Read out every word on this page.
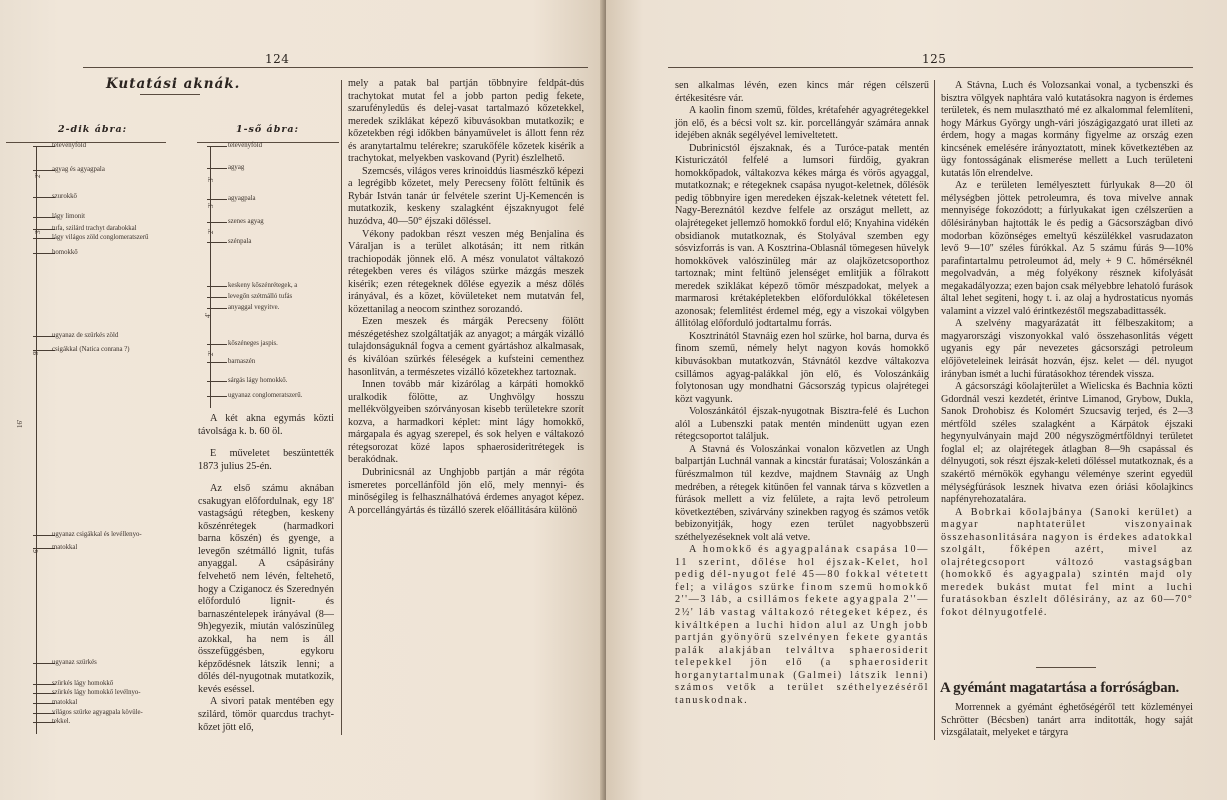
124
Kutatási aknák.
2-dik ábra:
televényföld
agyag és agyagpala
szurokkő
lágy limonit
tufa, szilárd trachyt darabokkal
lágy világos zöld conglomeratszerű
homokkő
ugyanaz de szürkés zöld
csigákkal (Natica conrana ?)
ugyanaz csigákkal és levéllenyo-
matokkal
ugyanaz szürkés
szürkés lágy homokkő
szürkés lágy homokkő levélnyo-
matokkal
világos szürke agyagpala kövüle-
tekkel.
2'
3'
9'
6'
16'
1-ső ábra:
televényföld
agyag
agyagpala
szenes agyag
szénpala
keskeny kőszénrétegek, a
levegőn szétmálló tufás
anyaggal vegyitve.
kőszéneges jaspis.
barnaszén
sárgás lágy homokkő.
ugyanaz conglomeratszerű.
3'
3'
2'
4'
2'

A két akna egymás közti távolsága k. b. 60 öl.

E műveletet beszüntették 1873 julius 25-én.

Az első számu aknában csakugyan előfordulnak, egy 18' vastagságú rétegben, keskeny kőszénrétegek (harmadkori barna kőszén) és gyenge, a levegőn szétmálló lignit, tufás anyaggal. A csápásirány felvehető nem lévén, feltehető, hogy a Cziganocz és Szerednyén előforduló lignit- és barnaszéntelepek irányával (8—9h)egyezik, miután valószinüleg azokkal, ha nem is áll összefüggésben, egykoru képződésnek látszik lenni; a dőlés dél-nyugotnak mutatkozik, kevés eséssel.

A sivori patak mentében egy szilárd, tömör quarcdus trachyt-kőzet jött elő,

mely a patak bal partján többnyire feldpát-dús trachytokat mutat fel a jobb parton pedig fekete, szarufényledűs és delej-vasat tartalmazó kőzetekkel, meredek sziklákat képező kibuvásokban mutatkozik; e kőzetekben régi időkben bányaművelet is állott fenn réz és aranytartalmu telérekre; szarukőféle kőzetek kisérik a trachytokat, melyekben vaskovand (Pyrit) észlelhető.

Szemcsés, világos veres krinoiddús liasmészkő képezi a legrégibb kőzetet, mely Perecseny fölött feltűnik és Rybár István tanár úr felvétele szerint Uj-Kemencén is mutatkozik, keskeny szalagként éjszaknyugot felé huzódva, 40—50° éjszaki dőléssel.

Vékony padokban részt veszen még Benjalina és Váraljan is a terület alkotásán; itt nem ritkán trachiopodák jönnek elő. A mész vonulatot váltakozó rétegekben veres és világos szürke mázgás meszek kisérik; ezen rétegeknek dőlése egyezik a mész dőlés irányával, és a közet, kövületeket nem mutatván fel, közettanilag a neocom szinthez sorozandó.

Ezen meszek és márgák Perecseny fölött mészégetéshez szolgáltatják az anyagot; a márgák vizálló tulajdonságuknál fogva a cement gyártáshoz alkalmasak, és kiválóan szürkés féleségek a kufsteini cementhez hasonlitván, a természetes vizálló közetekhez tartoznak.

Innen tovább már kizárólag a kárpáti homokkő uralkodik fölötte, az Unghvölgy hosszu mellékvölgyeiben szórványosan kisebb területekre szorít kozva, a harmadkori képlet: mint lágy homokkő, márgapala és agyag szerepel, és sok helyen e váltakozó rétegsorozat közé lapos sphaerosideritrétegek is berakódnak.

Dubrinicsnál az Unghjobb partján a már régóta ismeretes porcellánföld jön elő, mely mennyi- és minőségileg is felhasználhatóvá érdemes anyagot képez. A porcellángyártás és tüzálló szerek előállitására különö

125

sen alkalmas lévén, ezen kincs már régen célszerű értékesitésre vár.

A kaolin finom szemű, földes, krétafehér agyagrétegekkel jön elő, és a bécsi volt sz. kir. porcellángyár számára annak idejében aknák segélyével lemiveltetett.

Dubrinicstól éjszaknak, és a Turóce-patak mentén Kisturiczától felfelé a lumsori fürdőig, gyakran homokkőpadok, váltakozva kékes márga és vörös agyaggal, mutatkoznak; e rétegeknek csapása nyugot-keletnek, dőlésök pedig többnyire igen meredeken éjszak-keletnek vétetett fel. Nagy-Bereznától kezdve felfele az országut mellett, az olajrétegeket jellemző homokkő fordul elő; Knyahina vidékén obsidianok mutatkoznak, és Stolyával szemben egy sósvizforrás is van. A Kosztrina-Oblasnál tömegesen hüvelyk homokkövek valószinüleg már az olajközetcsoporthoz tartoznak; mint feltünő jelenséget emlitjük a főlrakott meredek sziklákat képező tömör mészpadokat, melyek a marmarosi krétaképletekben előfordulókkal tökéletesen azonosak; felemlitést érdemel még, egy a viszokai völgyben állitólag előforduló jodtartalmu forrás.

Kosztrinától Stavnáig ezen hol szürke, hol barna, durva és finom szemű, némely helyt nagyon kovás homokkő kibuvásokban mutatkozván, Stávnától kezdve váltakozva csillámos agyag-palákkal jön elő, és Voloszánkáig folytonosan ugy mondhatni Gácsország typicus olajrétegei közt vagyunk.

Voloszánkától éjszak-nyugotnak Bisztra-felé és Luchon alól a Lubenszki patak mentén mindenütt ugyan ezen rétegcsoportot találjuk.

A Stavná és Voloszánkai vonalon közvetlen az Ungh balpartján Luchnál vannak a kincstár furatásai; Voloszánkán a fürészmalmon túl kezdve, majdnem Stavnáig az Ungh medrében, a rétegek kitünően fel vannak tárva s közvetlen a fúrások mellett a viz felülete, a rajta levő petroleum következtében, szivárvány szinekben ragyog és számos vetők bebizonyitják, hogy ezen terület nagyobbszerü széthelyezéseknek volt alá vetve.

A homokkő és agyagpalának csapása 10—11 szerint, dőlése hol éjszak-Kelet, hol pedig dél-nyugot felé 45—80 fokkal vétetett fel; a világos szürke finom szemü homokkő 2''—3 láb, a csillámos fekete agyagpala 2''—2½' láb vastag váltakozó rétegeket képez, és kiváltképen a luchi hidon alul az Ungh jobb partján gyönyörü szelvényen fekete gyantás palák alakjában telváltva sphaerosiderit telepekkel jön elő (a sphaerosiderit horganytartalmunak (Galmei) látszik lenni) számos vetők a terület széthelyezéséről tanuskodnak.

A Stávna, Luch és Volozsankai vonal, a tycbenszki és bisztra völgyek naphtára való kutatásokra nagyon is érdemes területek, és nem mulasztható mé ez alkalommal felemlíteni, hogy Márkus György ungh-vári jószágigazgató urat illeti az érdem, hogy a magas kormány figyelme az ország ezen kincsének emelésére irányoztatott, minek következtében az ügy fontosságának elismerése mellett a Luch területeni kutatás lőn elrendelve.

Az e területen lemélyesztett fúrlyukak 8—20 öl mélységben jöttek petroleumra, és tova mivelve annak mennyisége fokozódott; a fúrlyukakat igen czélszerűen a dőlésirányban hajtották le és pedig a Gácsországban divó modorban közönséges emeltyű készülékkel vasrudazaton levő 9—10'' széles fúrókkal. Az 5 számu fúrás 9—10% parafintartalmu petroleumot ád, mely + 9 C. hőmérséknél megolvadván, a még folyékony résznek kifolyását megakadályozza; ezen bajon csak mélyebbre lehatoló furások által lehet segiteni, hogy t. i. az olaj a hydrostaticus nyomás valamint a vizzel való érintkezéstől megszabadittassék.

A szelvény magyarázatát itt félbeszakitom; a magyarországi viszonyokkal való összehasonlitás végett ugyanis egy pár nevezetes gácsországi petroleum előjöveteleinek leirását hozván, éjsz. kelet — dél. nyugot irányban ismét a luchi fúratásokhoz térendek vissza.

A gácsországi kőolajterület a Wielicska és Bachnia közti Gdordnál veszi kezdetét, érintve Limanod, Grybow, Dukla, Sanok Drohobisz és Kolomért Szucsavig terjed, és 2—3 mértföld széles szalagként a Kárpátok éjszaki hegynyulványain majd 200 négyszögmértföldnyi területet foglal el; az olajrétegek átlagban 8—9h csapással és délnyugoti, sok részt éjszak-keleti dőléssel mutatkoznak, és a szakértő mérnökök egyhangu véleménye szerint egyedül mélységfúrások lesznek hivatva ezen óriási kőolajkincs napfényrehozatalára.

A Bobrkai kőolajbánya (Sanoki kerület) a magyar naphtaterület viszonyainak összehasonlitására nagyon is érdekes adatokkal szolgált, főképen azért, mivel az olajrétegcsoport változó vastagságban (homokkő és agyagpala) szintén majd oly meredek bukást mutat fel mint a luchi furatásokban észlelt dőlésirány, az az 60—70° fokot délnyugotfelé.

A gyémánt magatartása a forróságban.

Morrennek a gyémánt éghetőségéről tett közleményei Schrötter (Bécsben) tanárt arra inditották, hogy saját vizsgálatait, melyeket e tárgyra
